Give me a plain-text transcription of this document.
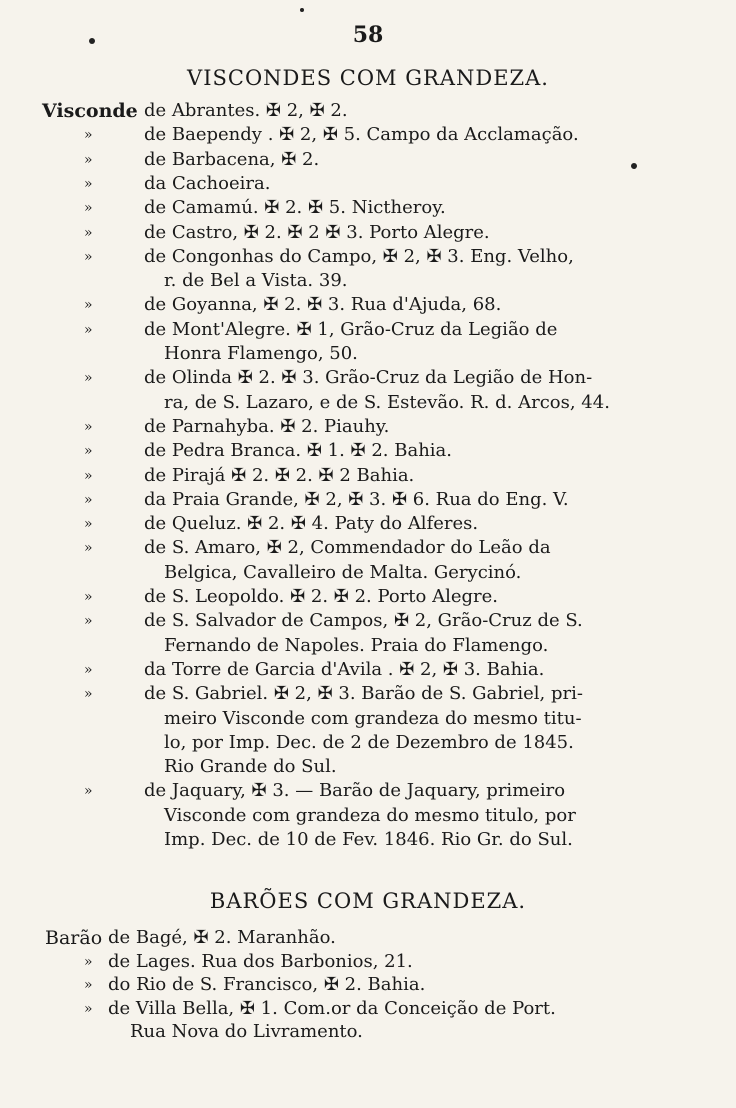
58
VISCONDES COM GRANDEZA.
Visconde de Abrantes. ✠ 2, ✠ 2.
»	de Baependy . ✠ 2, ✠ 5. Campo da Acclamação.
»	de Barbacena, ✠ 2.
»	da Cachoeira.
»	de Camamú. ✠ 2. ✠ 5. Nictheroy.
»	de Castro, ✠ 2. ✠ 2 ✠ 3. Porto Alegre.
»	de Congonhas do Campo, ✠ 2, ✠ 3. Eng. Velho,
r. de Bel a Vista. 39.
»	de Goyanna, ✠ 2. ✠ 3. Rua d'Ajuda, 68.
»	de Mont'Alegre. ✠ 1, Grão-Cruz da Legião de
Honra Flamengo, 50.
»	de Olinda ✠ 2. ✠ 3. Grão-Cruz da Legião de Hon-
ra, de S. Lazaro, e de S. Estevão. R. d. Arcos, 44.
»	de Parnahyba. ✠ 2. Piauhy.
»	de Pedra Branca. ✠ 1. ✠ 2. Bahia.
»	de Pirajá ✠ 2. ✠ 2. ✠ 2 Bahia.
»	da Praia Grande, ✠ 2, ✠ 3. ✠ 6. Rua do Eng. V.
»	de Queluz. ✠ 2. ✠ 4. Paty do Alferes.
»	de S. Amaro, ✠ 2, Commendador do Leão da
Belgica, Cavalleiro de Malta. Gerycinó.
»	de S. Leopoldo. ✠ 2. ✠ 2. Porto Alegre.
»	de S. Salvador de Campos, ✠ 2, Grão-Cruz de S.
Fernando de Napoles. Praia do Flamengo.
»	da Torre de Garcia d'Avila . ✠ 2, ✠ 3. Bahia.
»	de S. Gabriel. ✠ 2, ✠ 3. Barão de S. Gabriel, pri-
meiro Visconde com grandeza do mesmo titu-
lo, por Imp. Dec. de 2 de Dezembro de 1845.
Rio Grande do Sul.
»	de Jaquary, ✠ 3. — Barão de Jaquary, primeiro
Visconde com grandeza do mesmo titulo, por
Imp. Dec. de 10 de Fev. 1846. Rio Gr. do Sul.
BARÕES COM GRANDEZA.
Barão de Bagé, ✠ 2. Maranhão.
» de Lages. Rua dos Barbonios, 21.
» do Rio de S. Francisco, ✠ 2. Bahia.
» de Villa Bella, ✠ 1. Com.or da Conceição de Port.
Rua Nova do Livramento.
